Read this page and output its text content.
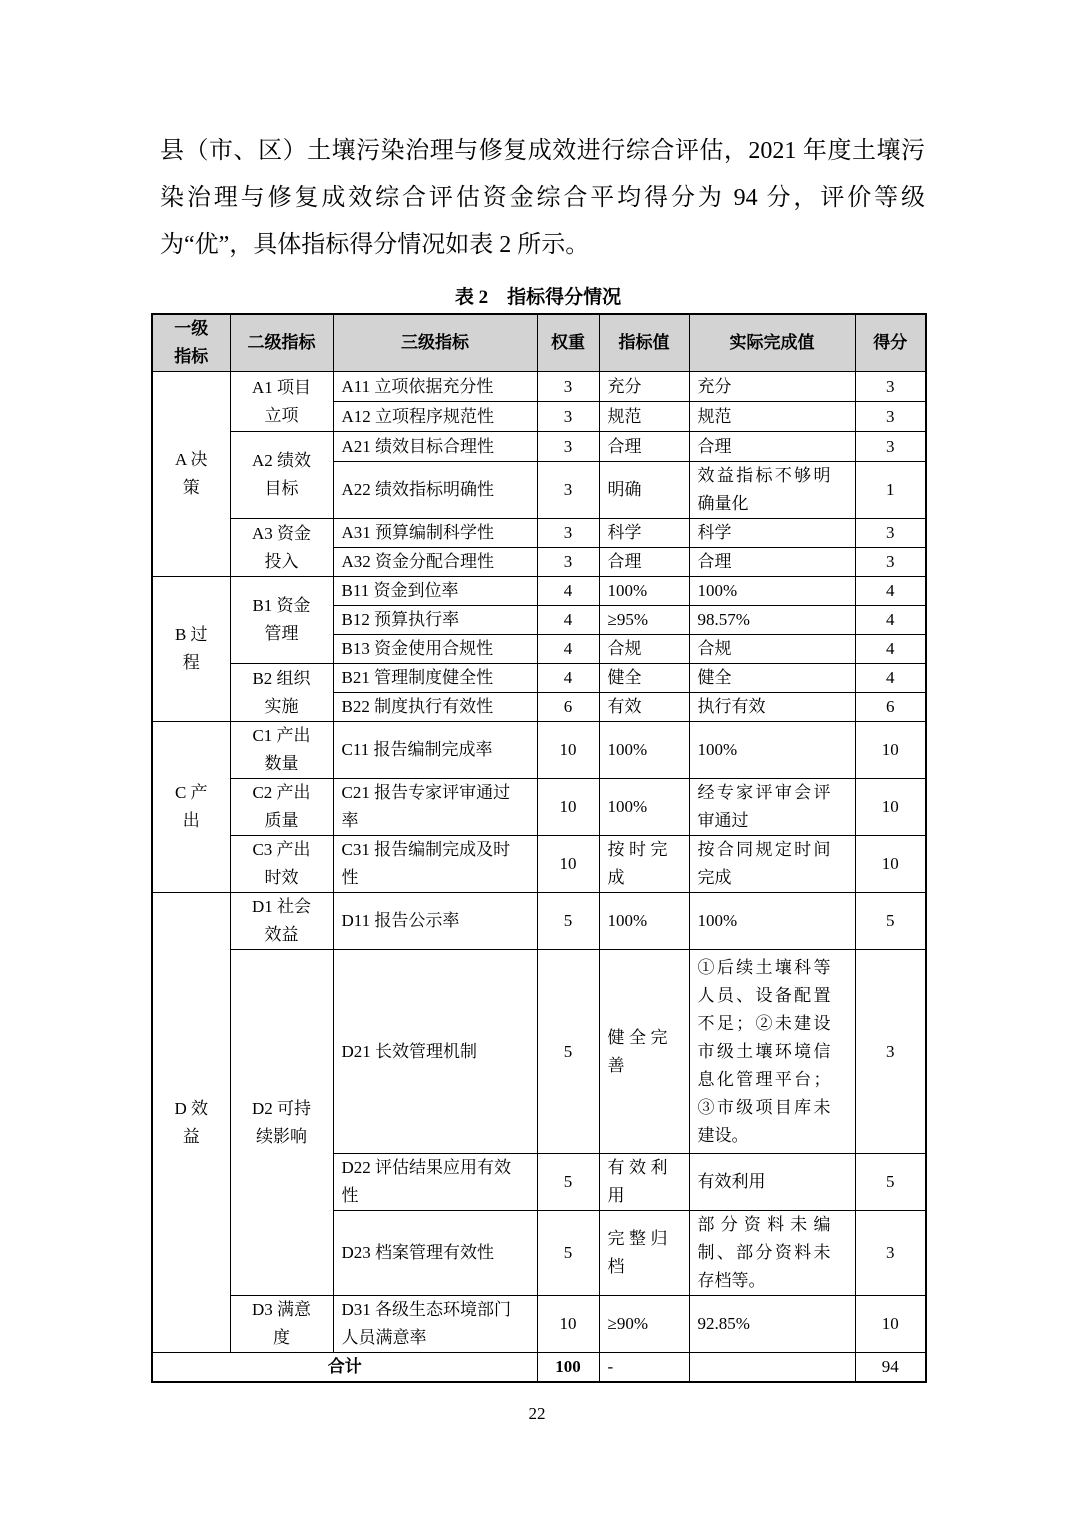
县（市、区）土壤污染治理与修复成效进行综合评估，2021 年度土壤污染治理与修复成效综合评估资金综合平均得分为 94 分，评价等级为“优”，具体指标得分情况如表 2 所示。

表 2　指标得分情况
一级指标	二级指标	三级指标	权重	指标值	实际完成值	得分
A 决策	A1 项目立项	A11 立项依据充分性	3	充分	充分	3
		A12 立项程序规范性	3	规范	规范	3
	A2 绩效目标	A21 绩效目标合理性	3	合理	合理	3
		A22 绩效指标明确性	3	明确	效益指标不够明确量化	1
	A3 资金投入	A31 预算编制科学性	3	科学	科学	3
		A32 资金分配合理性	3	合理	合理	3
B 过程	B1 资金管理	B11 资金到位率	4	100%	100%	4
		B12 预算执行率	4	≥95%	98.57%	4
		B13 资金使用合规性	4	合规	合规	4
	B2 组织实施	B21 管理制度健全性	4	健全	健全	4
		B22 制度执行有效性	6	有效	执行有效	6
C 产出	C1 产出数量	C11 报告编制完成率	10	100%	100%	10
	C2 产出质量	C21 报告专家评审通过率	10	100%	经专家评审会评审通过	10
	C3 产出时效	C31 报告编制完成及时性	10	按时完成	按合同规定时间完成	10
D 效益	D1 社会效益	D11 报告公示率	5	100%	100%	5
	D2 可持续影响	D21 长效管理机制	5	健全完善	①后续土壤科等人员、设备配置不足；②未建设市级土壤环境信息化管理平台；③市级项目库未建设。	3
		D22 评估结果应用有效性	5	有效利用	有效利用	5
		D23 档案管理有效性	5	完整归档	部分资料未编制、部分资料未存档等。	3
	D3 满意度	D31 各级生态环境部门人员满意率	10	≥90%	92.85%	10
合计			100	-		94
22
